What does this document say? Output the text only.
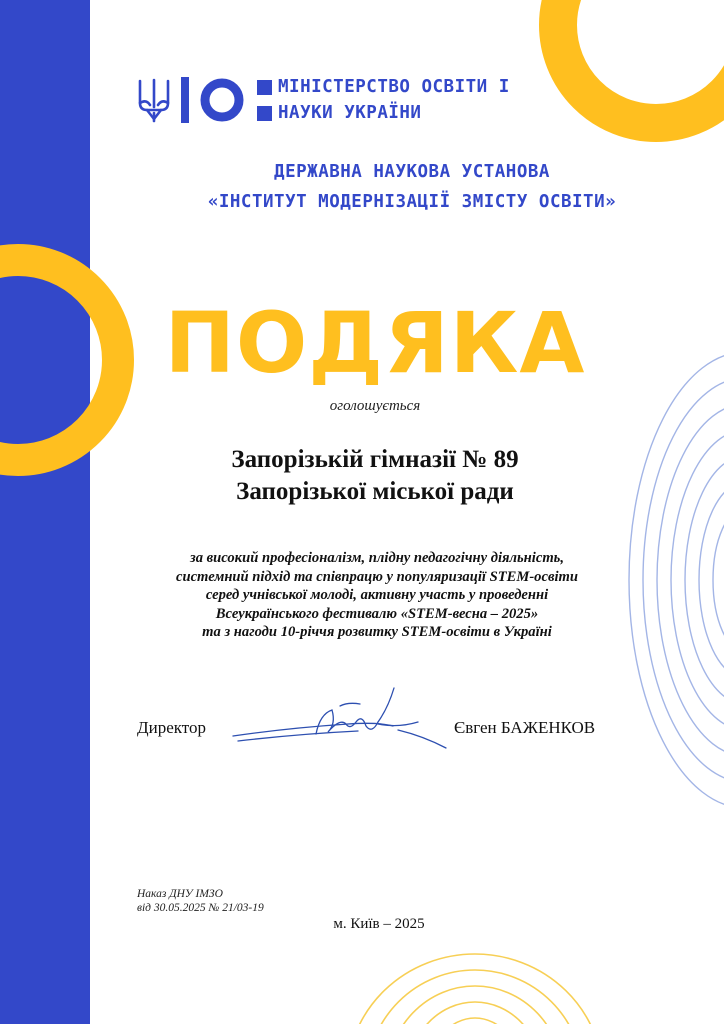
МІНІСТЕРСТВО ОСВІТИ І
НАУКИ УКРАЇНИ
ДЕРЖАВНА НАУКОВА УСТАНОВА
«ІНСТИТУТ МОДЕРНІЗАЦІЇ ЗМІСТУ ОСВІТИ»
ПОДЯКА
оголошується
Запорізькій гімназії № 89
Запорізької міської ради
за високий професіоналізм, плідну педагогічну діяльність,
системний підхід та співпрацю у популяризації STEM-освіти
серед учнівської молоді, активну участь у проведенні
Всеукраїнського фестивалю «STEM-весна – 2025»
та з нагоди 10-річчя розвитку STEM-освіти в Україні
Директор	Євген БАЖЕНКОВ
Наказ ДНУ ІМЗО
від 30.05.2025 № 21/03-19
м. Київ – 2025
